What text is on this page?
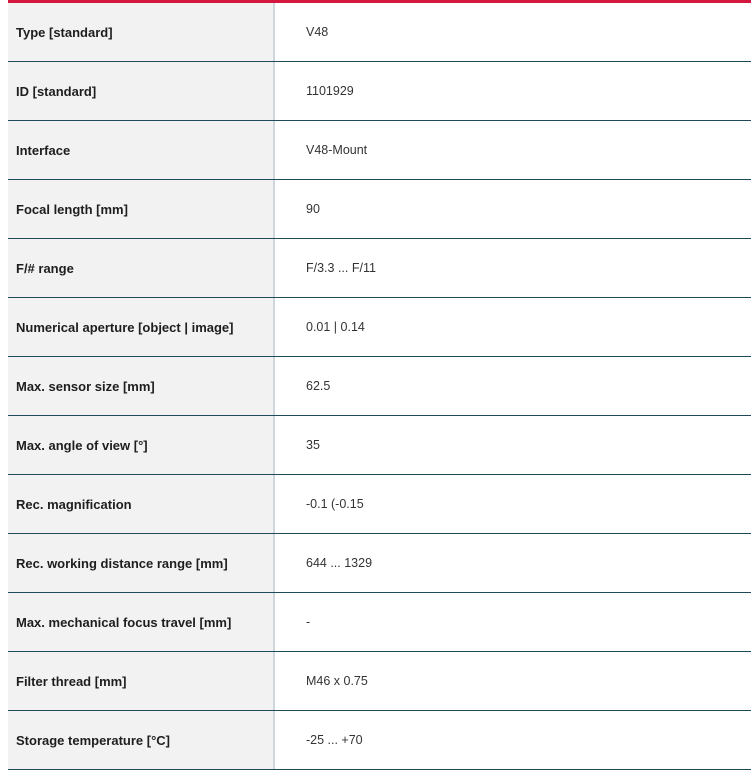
Type [standard]	V48
ID [standard]	1101929
Interface	V48-Mount
Focal length [mm]	90
F/# range	F/3.3 ... F/11
Numerical aperture [object | image]	0.01 | 0.14
Max. sensor size [mm]	62.5
Max. angle of view [°]	35
Rec. magnification	-0.1 (-0.15
Rec. working distance range [mm]	644 ... 1329
Max. mechanical focus travel [mm]	-
Filter thread [mm]	M46 x 0.75
Storage temperature [°C]	-25 ... +70
